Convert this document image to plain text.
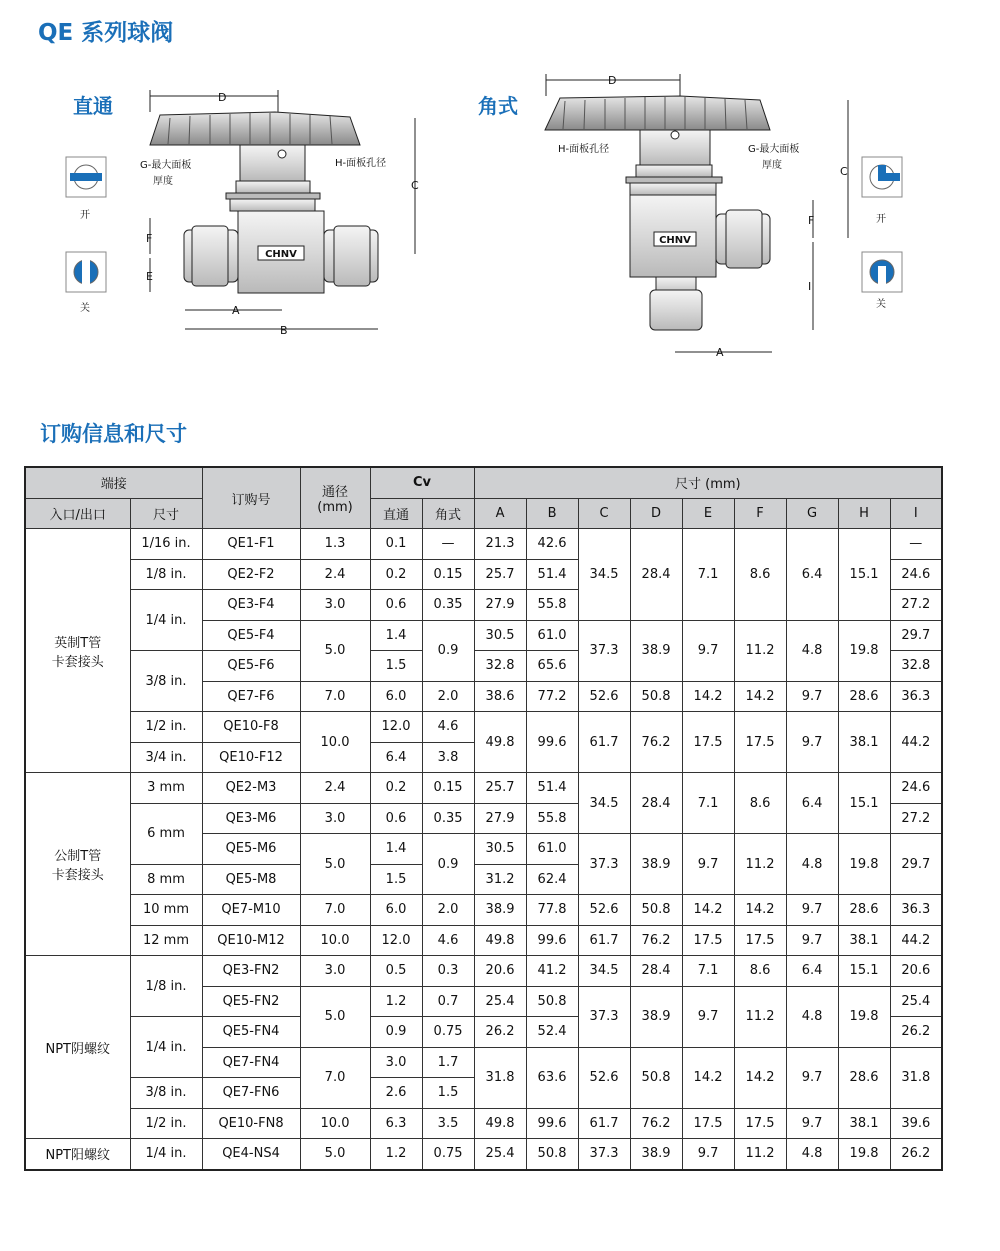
QE 系列球阀
直通	角式
CHNV
D
C
F
E
A
B
G-最大面板
厚度
H-面板孔径
开
关
CHNV
D
C
F
I
A
H-面板孔径	G-最大面板
厚度
开
关
订购信息和尺寸
端接		订购号	通径
(mm)	Cv		尺寸 (mm)								
入口/出口	尺寸			直通	角式	A	B	C	D	E	F	G	H	I
英制T管
卡套接头	1/16 in.	QE1-F1	1.3	0.1	—	21.3	42.6	34.5	28.4	7.1	8.6	6.4	15.1	—
	1/8 in.	QE2-F2	2.4	0.2	0.15	25.7	51.4							24.6
	1/4 in.	QE3-F4	3.0	0.6	0.35	27.9	55.8							27.2
		QE5-F4	5.0	1.4	0.9	30.5	61.0	37.3	38.9	9.7	11.2	4.8	19.8	29.7
	3/8 in.	QE5-F6		1.5		32.8	65.6							32.8
		QE7-F6	7.0	6.0	2.0	38.6	77.2	52.6	50.8	14.2	14.2	9.7	28.6	36.3
	1/2 in.	QE10-F8	10.0	12.0	4.6	49.8	99.6	61.7	76.2	17.5	17.5	9.7	38.1	44.2
	3/4 in.	QE10-F12		6.4	3.8									
公制T管
卡套接头	3 mm	QE2-M3	2.4	0.2	0.15	25.7	51.4	34.5	28.4	7.1	8.6	6.4	15.1	24.6
	6 mm	QE3-M6	3.0	0.6	0.35	27.9	55.8							27.2
		QE5-M6	5.0	1.4	0.9	30.5	61.0	37.3	38.9	9.7	11.2	4.8	19.8	29.7
	8 mm	QE5-M8		1.5		31.2	62.4							
	10 mm	QE7-M10	7.0	6.0	2.0	38.9	77.8	52.6	50.8	14.2	14.2	9.7	28.6	36.3
	12 mm	QE10-M12	10.0	12.0	4.6	49.8	99.6	61.7	76.2	17.5	17.5	9.7	38.1	44.2
NPT阴螺纹	1/8 in.	QE3-FN2	3.0	0.5	0.3	20.6	41.2	34.5	28.4	7.1	8.6	6.4	15.1	20.6
		QE5-FN2	5.0	1.2	0.7	25.4	50.8	37.3	38.9	9.7	11.2	4.8	19.8	25.4
	1/4 in.	QE5-FN4		0.9	0.75	26.2	52.4							26.2
		QE7-FN4	7.0	3.0	1.7	31.8	63.6	52.6	50.8	14.2	14.2	9.7	28.6	31.8
	3/8 in.	QE7-FN6		2.6	1.5									
	1/2 in.	QE10-FN8	10.0	6.3	3.5	49.8	99.6	61.7	76.2	17.5	17.5	9.7	38.1	39.6
NPT阳螺纹	1/4 in.	QE4-NS4	5.0	1.2	0.75	25.4	50.8	37.3	38.9	9.7	11.2	4.8	19.8	26.2
